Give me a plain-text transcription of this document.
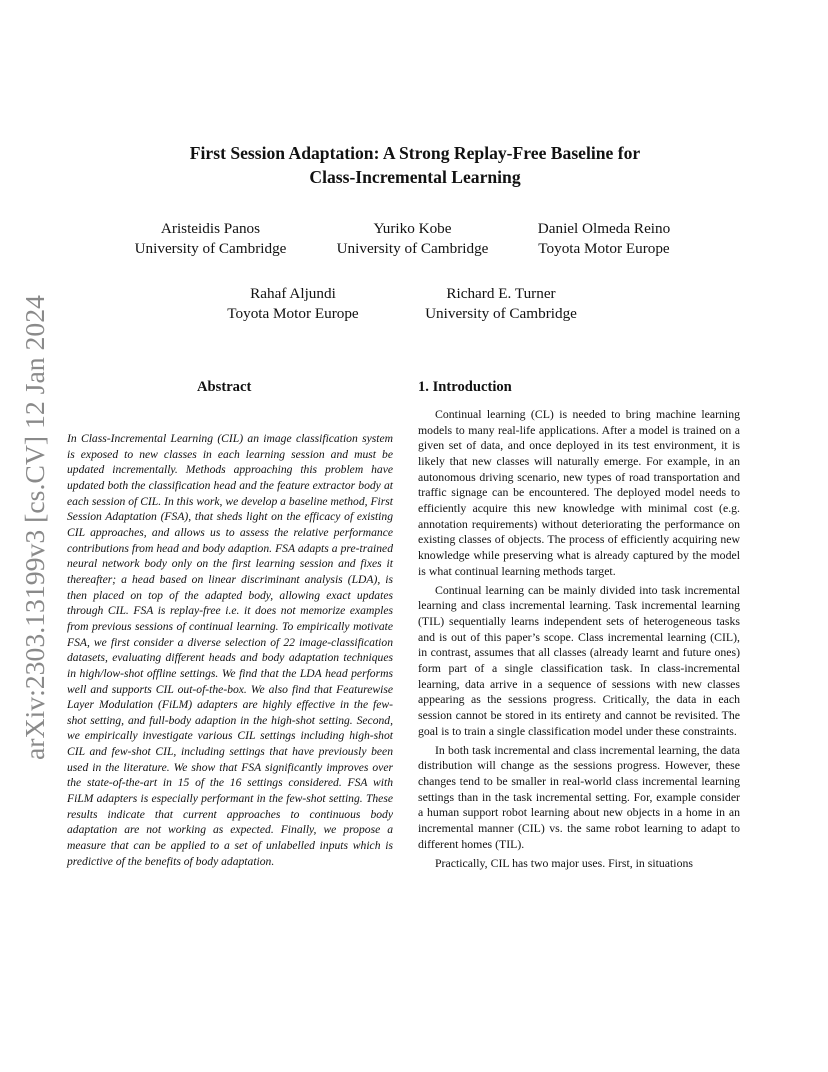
arXiv:2303.13199v3 [cs.CV] 12 Jan 2024
First Session Adaptation: A Strong Replay-Free Baseline for
Class-Incremental Learning
Aristeidis Panos
University of Cambridge
Yuriko Kobe
University of Cambridge
Daniel Olmeda Reino
Toyota Motor Europe
Rahaf Aljundi
Toyota Motor Europe
Richard E. Turner
University of Cambridge
Abstract
In Class-Incremental Learning (CIL) an image classification system is exposed to new classes in each learning session and must be updated incrementally. Methods approaching this problem have updated both the classification head and the feature extractor body at each session of CIL. In this work, we develop a baseline method, First Session Adaptation (FSA), that sheds light on the efficacy of existing CIL approaches, and allows us to assess the relative performance contributions from head and body adaption. FSA adapts a pre-trained neural network body only on the first learning session and fixes it thereafter; a head based on linear discriminant analysis (LDA), is then placed on top of the adapted body, allowing exact updates through CIL. FSA is replay-free i.e. it does not memorize examples from previous sessions of continual learning. To empirically motivate FSA, we first consider a diverse selection of 22 image-classification datasets, evaluating different heads and body adaptation techniques in high/low-shot offline settings. We find that the LDA head performs well and supports CIL out-of-the-box. We also find that Featurewise Layer Modulation (FiLM) adapters are highly effective in the few-shot setting, and full-body adaption in the high-shot setting. Second, we empirically investigate various CIL settings including high-shot CIL and few-shot CIL, including settings that have previously been used in the literature. We show that FSA significantly improves over the state-of-the-art in 15 of the 16 settings considered. FSA with FiLM adapters is especially performant in the few-shot setting. These results indicate that current approaches to continuous body adaptation are not working as expected. Finally, we propose a measure that can be applied to a set of unlabelled inputs which is predictive of the benefits of body adaptation.
1. Introduction

Continual learning (CL) is needed to bring machine learning models to many real-life applications. After a model is trained on a given set of data, and once deployed in its test environment, it is likely that new classes will naturally emerge. For example, in an autonomous driving scenario, new types of road transportation and traffic signage can be encountered. The deployed model needs to efficiently acquire this new knowledge with minimal cost (e.g. annotation requirements) without deteriorating the performance on existing classes of objects. The process of efficiently acquiring new knowledge while preserving what is already captured by the model is what continual learning methods target.

Continual learning can be mainly divided into task incremental learning and class incremental learning. Task incremental learning (TIL) sequentially learns independent sets of heterogeneous tasks and is out of this paper’s scope. Class incremental learning (CIL), in contrast, assumes that all classes (already learnt and future ones) form part of a single classification task. In class-incremental learning, data arrive in a sequence of sessions with new classes appearing as the sessions progress. Critically, the data in each session cannot be stored in its entirety and cannot be revisited. The goal is to train a single classification model under these constraints.

In both task incremental and class incremental learning, the data distribution will change as the sessions progress. However, these changes tend to be smaller in real-world class incremental learning settings than in the task incremental setting. For, example consider a human support robot learning about new objects in a home in an incremental manner (CIL) vs. the same robot learning to adapt to different homes (TIL).

Practically, CIL has two major uses. First, in situations
